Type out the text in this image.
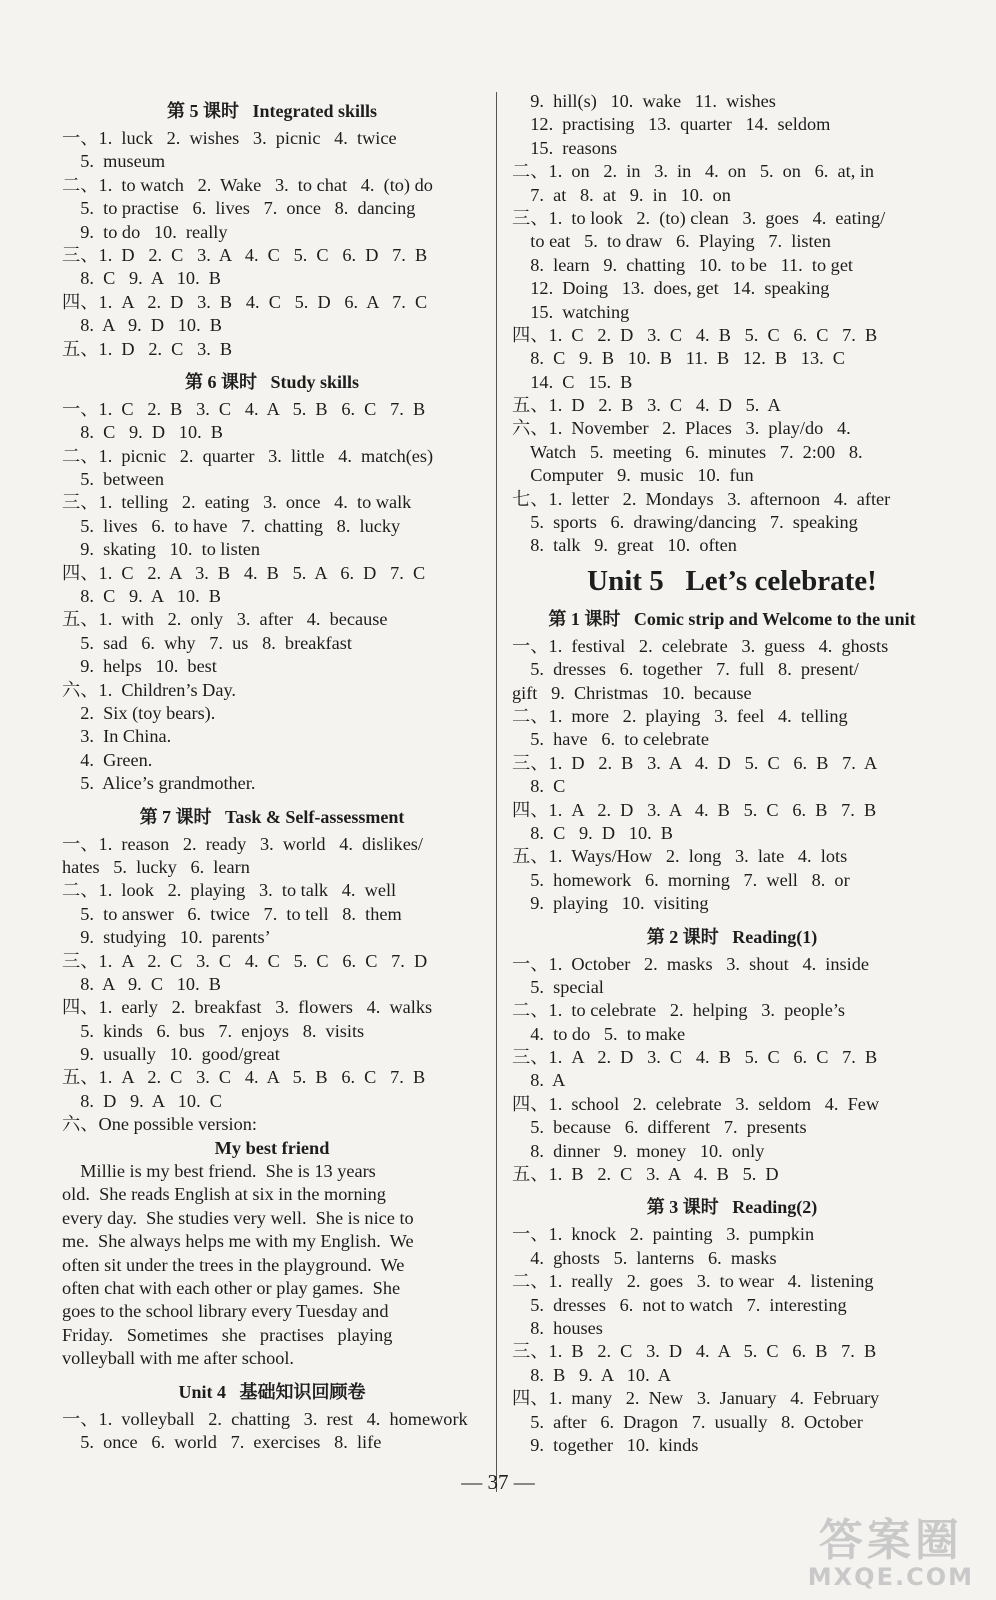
第 5 课时   Integrated skills
一、1.  luck   2.  wishes   3.  picnic   4.  twice
5.  museum
二、1.  to watch   2.  Wake   3.  to chat   4.  (to) do
5.  to practise   6.  lives   7.  once   8.  dancing
9.  to do   10.  really
三、1.  D   2.  C   3.  A   4.  C   5.  C   6.  D   7.  B
8.  C   9.  A   10.  B
四、1.  A   2.  D   3.  B   4.  C   5.  D   6.  A   7.  C
8.  A   9.  D   10.  B
五、1.  D   2.  C   3.  B
第 6 课时   Study skills
一、1.  C   2.  B   3.  C   4.  A   5.  B   6.  C   7.  B
8.  C   9.  D   10.  B
二、1.  picnic   2.  quarter   3.  little   4.  match(es)
5.  between
三、1.  telling   2.  eating   3.  once   4.  to walk
5.  lives   6.  to have   7.  chatting   8.  lucky
9.  skating   10.  to listen
四、1.  C   2.  A   3.  B   4.  B   5.  A   6.  D   7.  C
8.  C   9.  A   10.  B
五、1.  with   2.  only   3.  after   4.  because
5.  sad   6.  why   7.  us   8.  breakfast
9.  helps   10.  best
六、1.  Children’s Day.
2.  Six (toy bears).
3.  In China.
4.  Green.
5.  Alice’s grandmother.
第 7 课时   Task & Self-assessment
一、1.  reason   2.  ready   3.  world   4.  dislikes/
hates   5.  lucky   6.  learn
二、1.  look   2.  playing   3.  to talk   4.  well
5.  to answer   6.  twice   7.  to tell   8.  them
9.  studying   10.  parents’
三、1.  A   2.  C   3.  C   4.  C   5.  C   6.  C   7.  D
8.  A   9.  C   10.  B
四、1.  early   2.  breakfast   3.  flowers   4.  walks
5.  kinds   6.  bus   7.  enjoys   8.  visits
9.  usually   10.  good/great
五、1.  A   2.  C   3.  C   4.  A   5.  B   6.  C   7.  B
8.  D   9.  A   10.  C
六、One possible version:
My best friend
Millie is my best friend.  She is 13 years
old.  She reads English at six in the morning
every day.  She studies very well.  She is nice to
me.  She always helps me with my English.  We
often sit under the trees in the playground.  We
often chat with each other or play games.  She
goes to the school library every Tuesday and
Friday.   Sometimes   she   practises   playing
volleyball with me after school.
Unit 4   基础知识回顾卷
一、1.  volleyball   2.  chatting   3.  rest   4.  homework
5.  once   6.  world   7.  exercises   8.  life
9.  hill(s)   10.  wake   11.  wishes
12.  practising   13.  quarter   14.  seldom
15.  reasons
二、1.  on   2.  in   3.  in   4.  on   5.  on   6.  at, in
7.  at   8.  at   9.  in   10.  on
三、1.  to look   2.  (to) clean   3.  goes   4.  eating/
to eat   5.  to draw   6.  Playing   7.  listen
8.  learn   9.  chatting   10.  to be   11.  to get
12.  Doing   13.  does, get   14.  speaking
15.  watching
四、1.  C   2.  D   3.  C   4.  B   5.  C   6.  C   7.  B
8.  C   9.  B   10.  B   11.  B   12.  B   13.  C
14.  C   15.  B
五、1.  D   2.  B   3.  C   4.  D   5.  A
六、1.  November   2.  Places   3.  play/do   4.
Watch   5.  meeting   6.  minutes   7.  2:00   8.
Computer   9.  music   10.  fun
七、1.  letter   2.  Mondays   3.  afternoon   4.  after
5.  sports   6.  drawing/dancing   7.  speaking
8.  talk   9.  great   10.  often
Unit 5   Let’s celebrate!
第 1 课时   Comic strip and Welcome to the unit
一、1.  festival   2.  celebrate   3.  guess   4.  ghosts
5.  dresses   6.  together   7.  full   8.  present/
gift   9.  Christmas   10.  because
二、1.  more   2.  playing   3.  feel   4.  telling
5.  have   6.  to celebrate
三、1.  D   2.  B   3.  A   4.  D   5.  C   6.  B   7.  A
8.  C
四、1.  A   2.  D   3.  A   4.  B   5.  C   6.  B   7.  B
8.  C   9.  D   10.  B
五、1.  Ways/How   2.  long   3.  late   4.  lots
5.  homework   6.  morning   7.  well   8.  or
9.  playing   10.  visiting
第 2 课时   Reading(1)
一、1.  October   2.  masks   3.  shout   4.  inside
5.  special
二、1.  to celebrate   2.  helping   3.  people’s
4.  to do   5.  to make
三、1.  A   2.  D   3.  C   4.  B   5.  C   6.  C   7.  B
8.  A
四、1.  school   2.  celebrate   3.  seldom   4.  Few
5.  because   6.  different   7.  presents
8.  dinner   9.  money   10.  only
五、1.  B   2.  C   3.  A   4.  B   5.  D
第 3 课时   Reading(2)
一、1.  knock   2.  painting   3.  pumpkin
4.  ghosts   5.  lanterns   6.  masks
二、1.  really   2.  goes   3.  to wear   4.  listening
5.  dresses   6.  not to watch   7.  interesting
8.  houses
三、1.  B   2.  C   3.  D   4.  A   5.  C   6.  B   7.  B
8.  B   9.  A   10.  A
四、1.  many   2.  New   3.  January   4.  February
5.  after   6.  Dragon   7.  usually   8.  October
9.  together   10.  kinds
— 37 —
答案圈
MXQE.COM
